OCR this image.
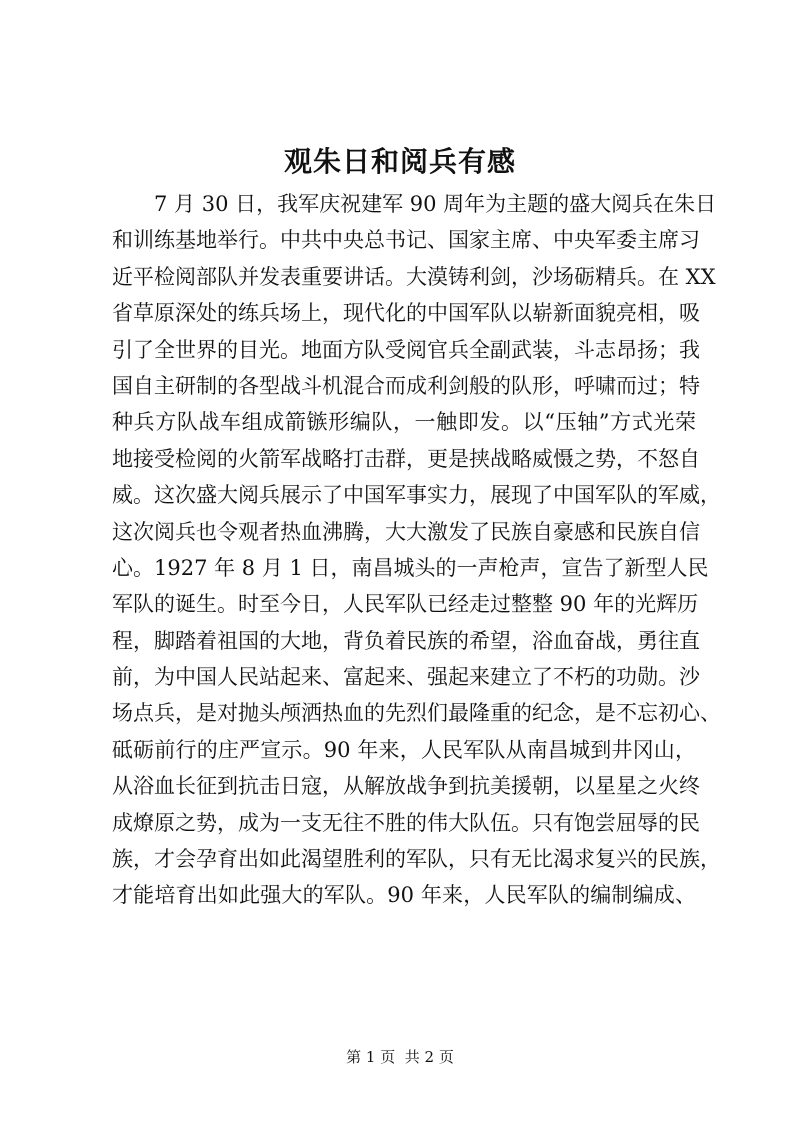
观朱日和阅兵有感
7 月 30 日，我军庆祝建军 90 周年为主题的盛大阅兵在朱日
和训练基地举行。中共中央总书记、国家主席、中央军委主席习
近平检阅部队并发表重要讲话。大漠铸利剑，沙场砺精兵。在 XX
省草原深处的练兵场上，现代化的中国军队以崭新面貌亮相，吸
引了全世界的目光。地面方队受阅官兵全副武装，斗志昂扬；我
国自主研制的各型战斗机混合而成利剑般的队形，呼啸而过；特
种兵方队战车组成箭镞形编队，一触即发。以“压轴”方式光荣
地接受检阅的火箭军战略打击群，更是挟战略威慑之势，不怒自
威。这次盛大阅兵展示了中国军事实力，展现了中国军队的军威，
这次阅兵也令观者热血沸腾，大大激发了民族自豪感和民族自信
心。1927 年 8 月 1 日，南昌城头的一声枪声，宣告了新型人民
军队的诞生。时至今日，人民军队已经走过整整 90 年的光辉历
程，脚踏着祖国的大地，背负着民族的希望，浴血奋战，勇往直
前，为中国人民站起来、富起来、强起来建立了不朽的功勋。沙
场点兵，是对抛头颅洒热血的先烈们最隆重的纪念，是不忘初心、
砥砺前行的庄严宣示。90 年来，人民军队从南昌城到井冈山，
从浴血长征到抗击日寇，从解放战争到抗美援朝，以星星之火终
成燎原之势，成为一支无往不胜的伟大队伍。只有饱尝屈辱的民
族，才会孕育出如此渴望胜利的军队，只有无比渴求复兴的民族，
才能培育出如此强大的军队。90 年来，人民军队的编制编成、
第 1 页  共 2 页
